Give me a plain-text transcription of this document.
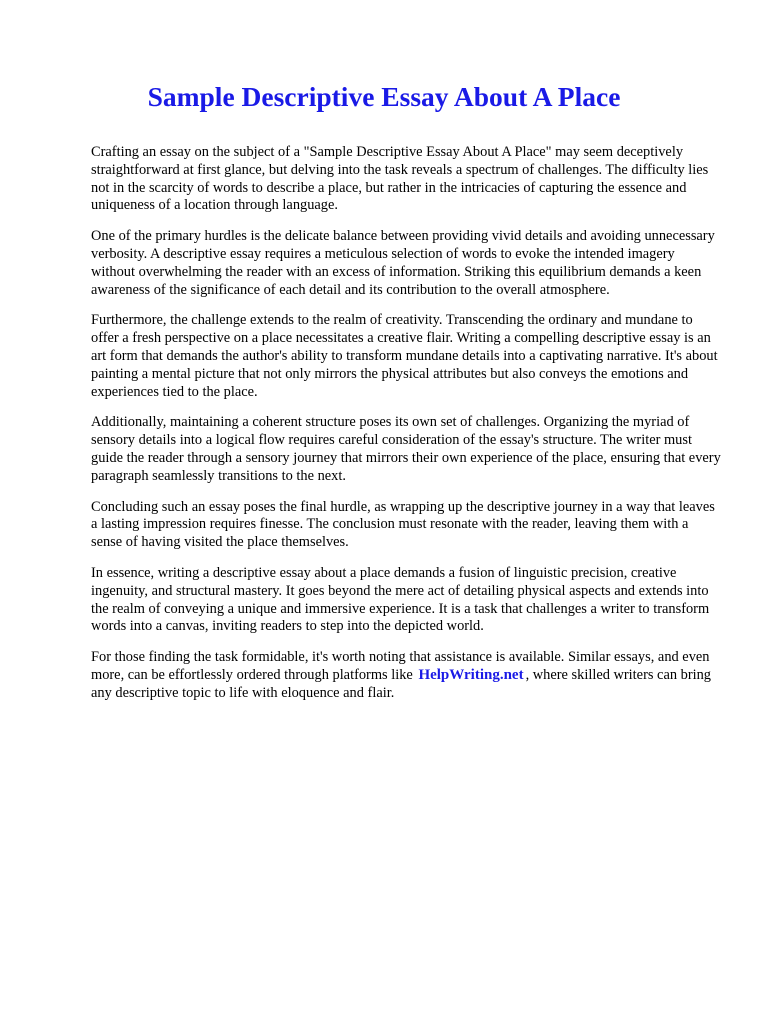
Sample Descriptive Essay About A Place

Crafting an essay on the subject of a "Sample Descriptive Essay About A Place" may seem deceptively straightforward at first glance, but delving into the task reveals a spectrum of challenges. The difficulty lies not in the scarcity of words to describe a place, but rather in the intricacies of capturing the essence and uniqueness of a location through language.

One of the primary hurdles is the delicate balance between providing vivid details and avoiding unnecessary verbosity. A descriptive essay requires a meticulous selection of words to evoke the intended imagery without overwhelming the reader with an excess of information. Striking this equilibrium demands a keen awareness of the significance of each detail and its contribution to the overall atmosphere.

Furthermore, the challenge extends to the realm of creativity. Transcending the ordinary and mundane to offer a fresh perspective on a place necessitates a creative flair. Writing a compelling descriptive essay is an art form that demands the author's ability to transform mundane details into a captivating narrative. It's about painting a mental picture that not only mirrors the physical attributes but also conveys the emotions and experiences tied to the place.

Additionally, maintaining a coherent structure poses its own set of challenges. Organizing the myriad of sensory details into a logical flow requires careful consideration of the essay's structure. The writer must guide the reader through a sensory journey that mirrors their own experience of the place, ensuring that every paragraph seamlessly transitions to the next.

Concluding such an essay poses the final hurdle, as wrapping up the descriptive journey in a way that leaves a lasting impression requires finesse. The conclusion must resonate with the reader, leaving them with a sense of having visited the place themselves.

In essence, writing a descriptive essay about a place demands a fusion of linguistic precision, creative ingenuity, and structural mastery. It goes beyond the mere act of detailing physical aspects and extends into the realm of conveying a unique and immersive experience. It is a task that challenges a writer to transform words into a canvas, inviting readers to step into the depicted world.

For those finding the task formidable, it's worth noting that assistance is available. Similar essays, and even more, can be effortlessly ordered through platforms like HelpWriting.net , where skilled writers can bring any descriptive topic to life with eloquence and flair.
